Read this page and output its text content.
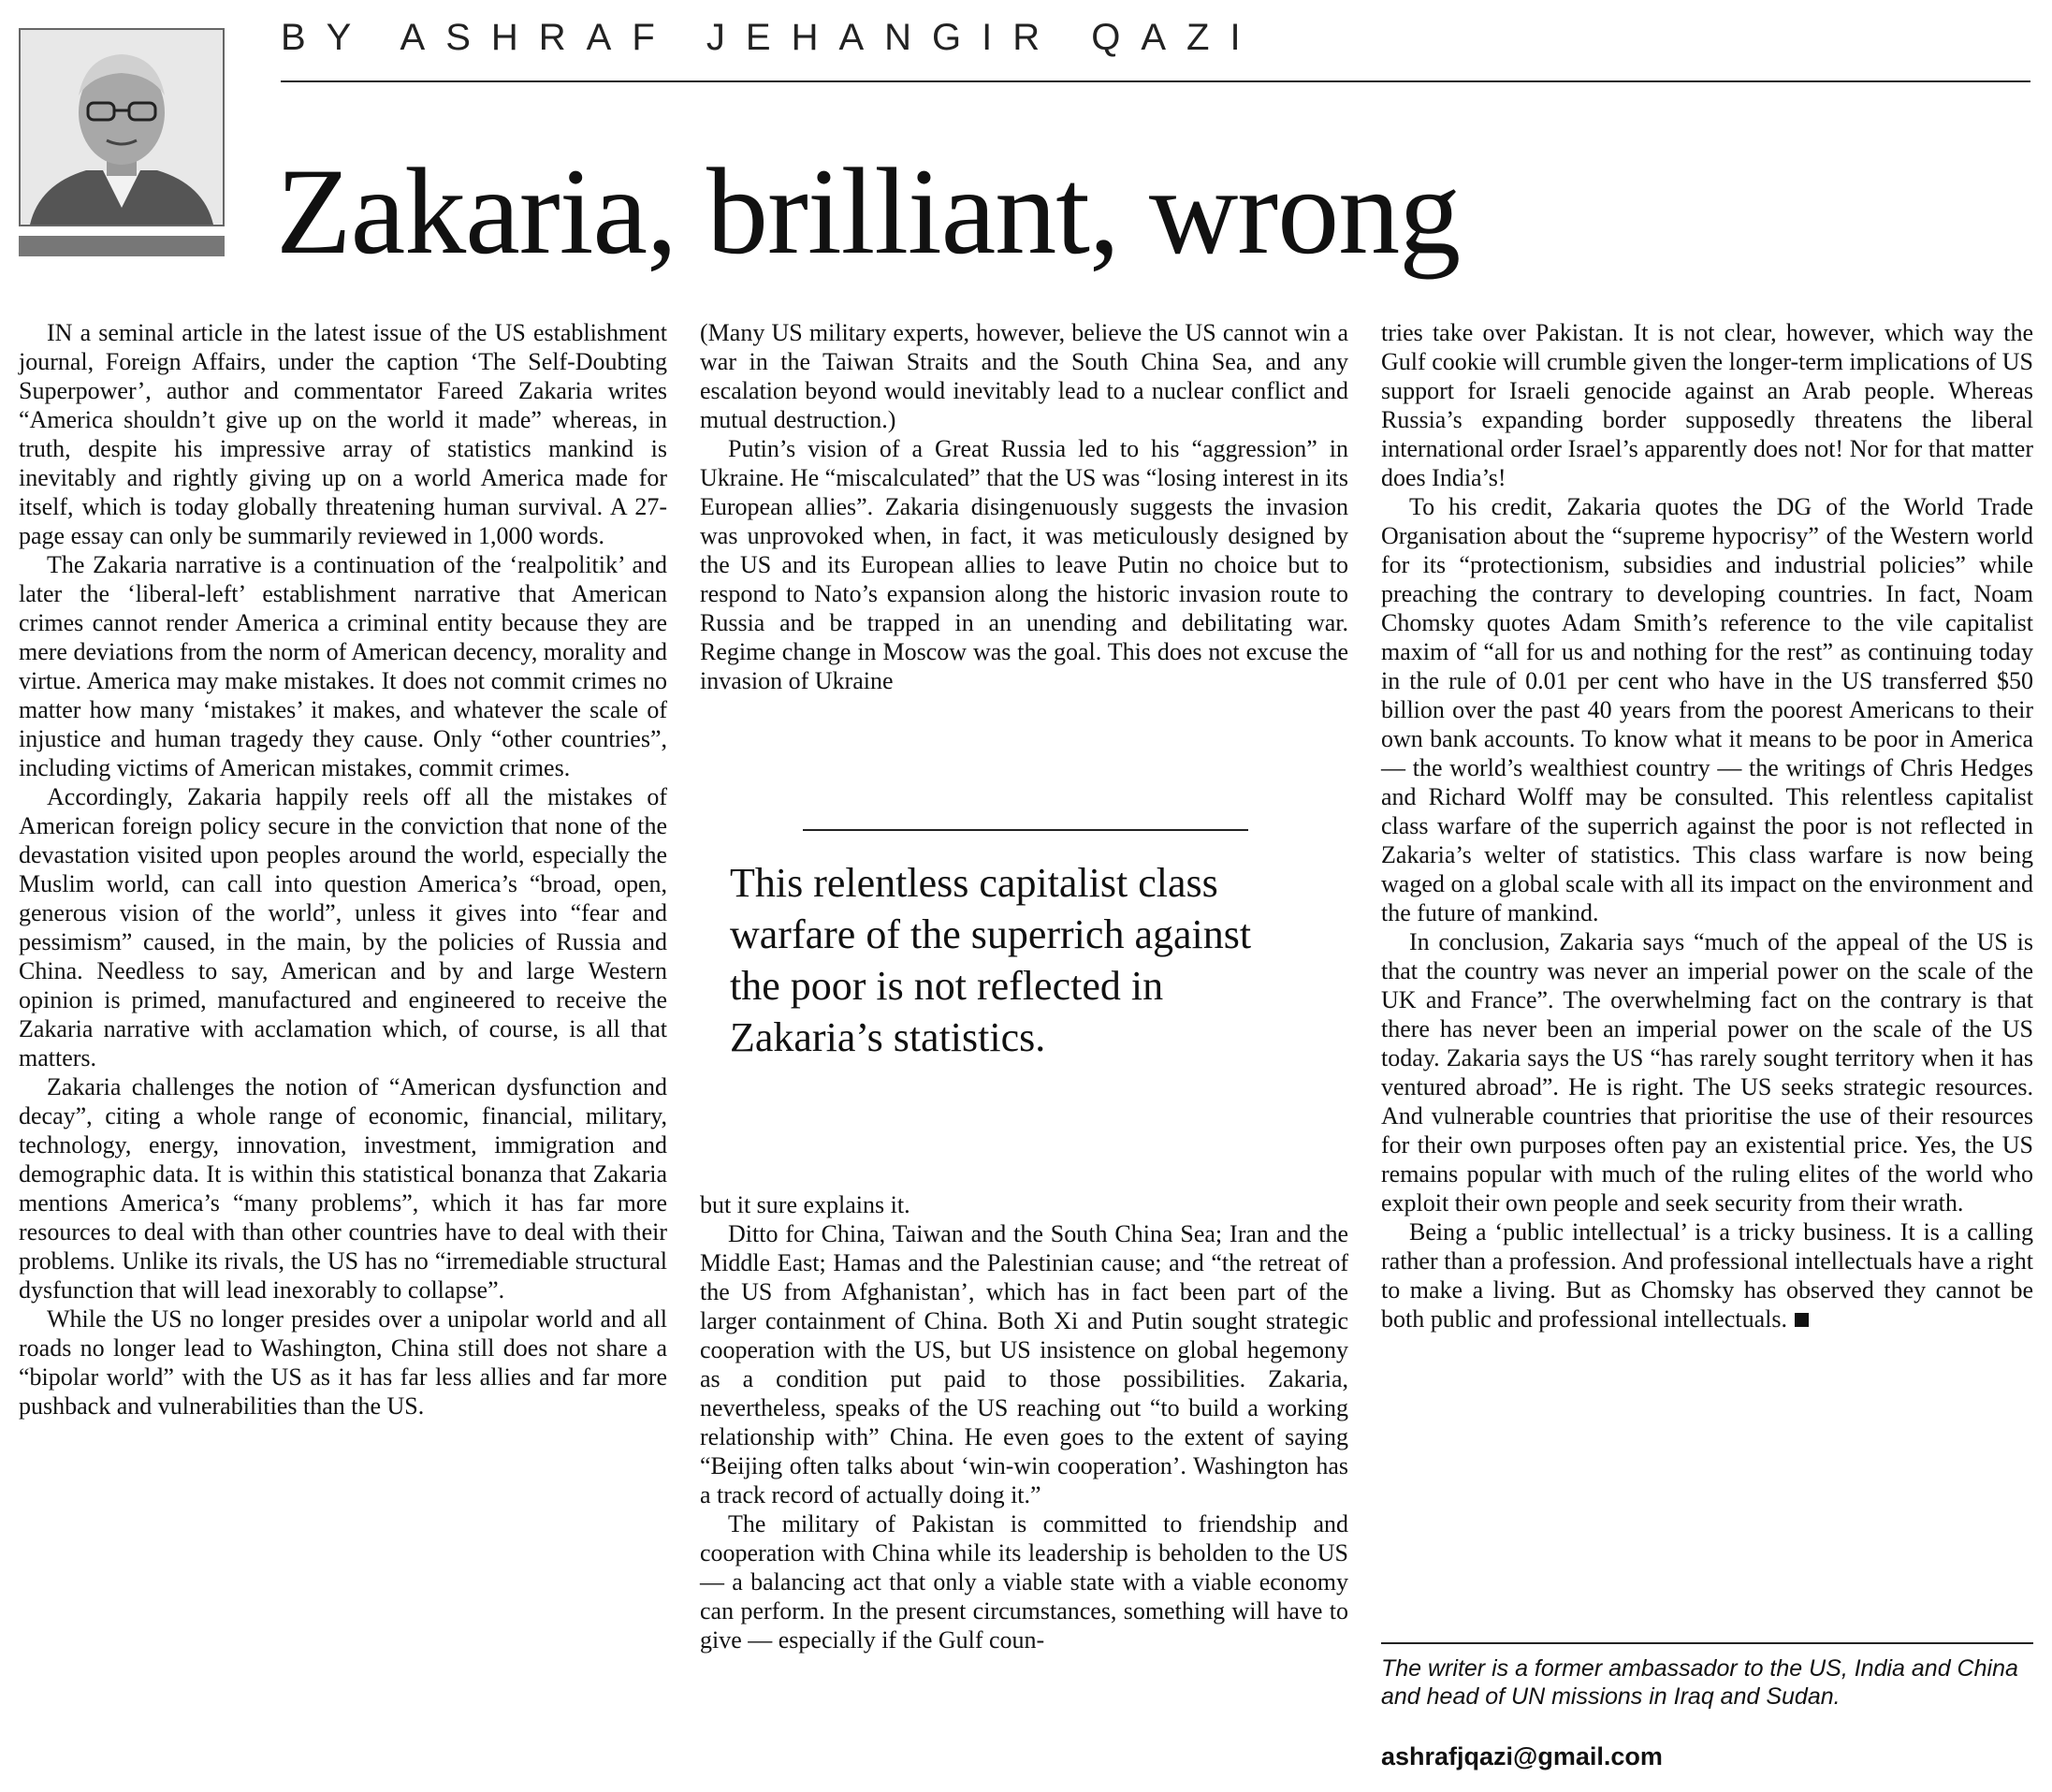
BY ASHRAF JEHANGIR QAZI
Zakaria, brilliant, wrong

IN a seminal article in the latest issue of the US establishment journal, Foreign Affairs, under the caption ‘The Self-Doubting Superpower’, author and commentator Fareed Zakaria writes “America shouldn’t give up on the world it made” whereas, in truth, despite his impressive array of statistics mankind is inevitably and rightly giving up on a world America made for itself, which is today globally threatening human survival. A 27-page essay can only be summarily reviewed in 1,000 words.

The Zakaria narrative is a continuation of the ‘realpolitik’ and later the ‘liberal-left’ establishment narrative that American crimes cannot render America a criminal entity because they are mere deviations from the norm of American decency, morality and virtue. America may make mistakes. It does not commit crimes no matter how many ‘mistakes’ it makes, and whatever the scale of injustice and human tragedy they cause. Only “other countries”, including victims of American mistakes, commit crimes.

Accordingly, Zakaria happily reels off all the mistakes of American foreign policy secure in the conviction that none of the devastation visited upon peoples around the world, especially the Muslim world, can call into question America’s “broad, open, generous vision of the world”, unless it gives into “fear and pessimism” caused, in the main, by the policies of Russia and China. Needless to say, American and by and large Western opinion is primed, manufactured and engineered to receive the Zakaria narrative with acclamation which, of course, is all that matters.

Zakaria challenges the notion of “American dysfunction and decay”, citing a whole range of economic, financial, military, technology, energy, innovation, investment, immigration and demographic data. It is within this statistical bonanza that Zakaria mentions America’s “many problems”, which it has far more resources to deal with than other countries have to deal with their problems. Unlike its rivals, the US has no “irremediable structural dysfunction that will lead inexorably to collapse”.

While the US no longer presides over a unipolar world and all roads no longer lead to Washington, China still does not share a “bipolar world” with the US as it has far less allies and far more pushback and vulnerabilities than the US.

(Many US military experts, however, believe the US cannot win a war in the Taiwan Straits and the South China Sea, and any escalation beyond would inevitably lead to a nuclear conflict and mutual destruction.)

Putin’s vision of a Great Russia led to his “aggression” in Ukraine. He “miscalculated” that the US was “losing interest in its European allies”. Zakaria disingenuously suggests the invasion was unprovoked when, in fact, it was meticulously designed by the US and its European allies to leave Putin no choice but to respond to Nato’s expansion along the historic invasion route to Russia and be trapped in an unending and debilitating war. Regime change in Moscow was the goal. This does not excuse the invasion of Ukraine

This relentless capitalist class warfare of the superrich against the poor is not reflected in Zakaria’s statistics.

but it sure explains it.

Ditto for China, Taiwan and the South China Sea; Iran and the Middle East; Hamas and the Palestinian cause; and “the retreat of the US from Afghanistan’, which has in fact been part of the larger containment of China. Both Xi and Putin sought strategic cooperation with the US, but US insistence on global hegemony as a condition put paid to those possibilities. Zakaria, nevertheless, speaks of the US reaching out “to build a working relationship with” China. He even goes to the extent of saying “Beijing often talks about ‘win-win cooperation’. Washington has a track record of actually doing it.”

The military of Pakistan is committed to friendship and cooperation with China while its leadership is beholden to the US — a balancing act that only a viable state with a viable economy can perform. In the present circumstances, something will have to give — especially if the Gulf coun-

tries take over Pakistan. It is not clear, however, which way the Gulf cookie will crumble given the longer-term implications of US support for Israeli genocide against an Arab people. Whereas Russia’s expanding border supposedly threatens the liberal international order Israel’s apparently does not! Nor for that matter does India’s!

To his credit, Zakaria quotes the DG of the World Trade Organisation about the “supreme hypocrisy” of the Western world for its “protectionism, subsidies and industrial policies” while preaching the contrary to developing countries. In fact, Noam Chomsky quotes Adam Smith’s reference to the vile capitalist maxim of “all for us and nothing for the rest” as continuing today in the rule of 0.01 per cent who have in the US transferred $50 billion over the past 40 years from the poorest Americans to their own bank accounts. To know what it means to be poor in America — the world’s wealthiest country — the writings of Chris Hedges and Richard Wolff may be consulted. This relentless capitalist class warfare of the superrich against the poor is not reflected in Zakaria’s welter of statistics. This class warfare is now being waged on a global scale with all its impact on the environment and the future of mankind.

In conclusion, Zakaria says “much of the appeal of the US is that the country was never an imperial power on the scale of the UK and France”. The overwhelming fact on the contrary is that there has never been an imperial power on the scale of the US today. Zakaria says the US “has rarely sought territory when it has ventured abroad”. He is right. The US seeks strategic resources. And vulnerable countries that prioritise the use of their resources for their own purposes often pay an existential price. Yes, the US remains popular with much of the ruling elites of the world who exploit their own people and seek security from their wrath.

Being a ‘public intellectual’ is a tricky business. It is a calling rather than a profession. And professional intellectuals have a right to make a living. But as Chomsky has observed they cannot be both public and professional intellectuals.

The writer is a former ambassador to the US, India and China and head of UN missions in Iraq and Sudan.
ashrafjqazi@gmail.com
